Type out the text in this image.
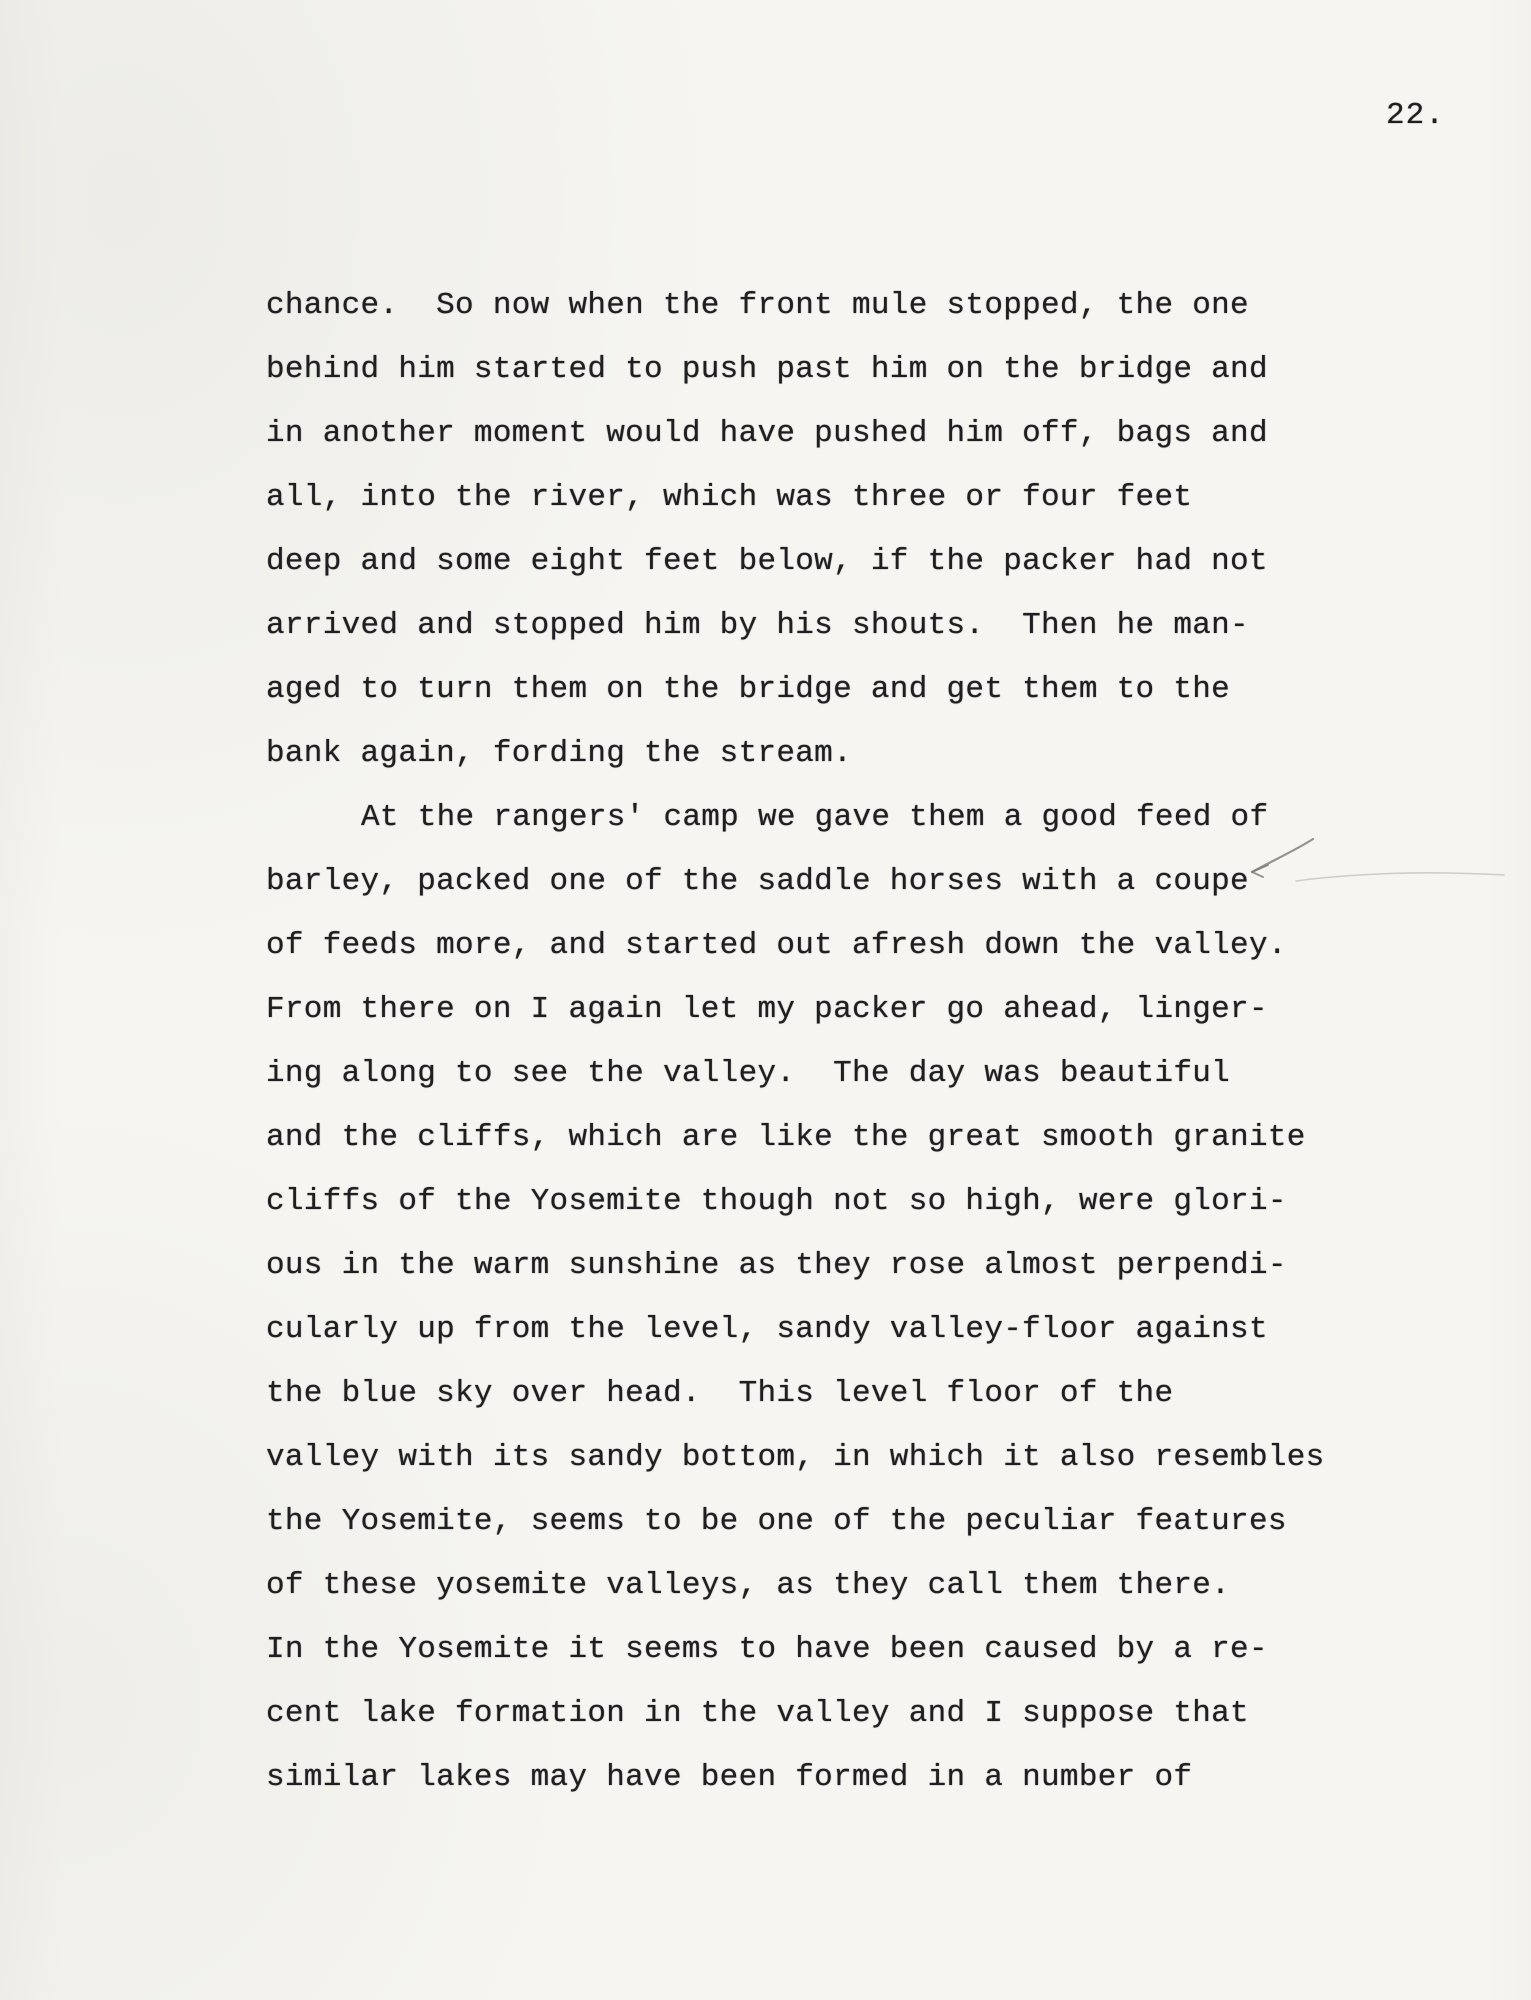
22.
chance.  So now when the front mule stopped, the one
behind him started to push past him on the bridge and
in another moment would have pushed him off, bags and
all, into the river, which was three or four feet
deep and some eight feet below, if the packer had not
arrived and stopped him by his shouts.  Then he man-
aged to turn them on the bridge and get them to the
bank again, fording the stream.
At the rangers' camp we gave them a good feed of
barley, packed one of the saddle horses with a coupe
of feeds more, and started out afresh down the valley.
From there on I again let my packer go ahead, linger-
ing along to see the valley.  The day was beautiful
and the cliffs, which are like the great smooth granite
cliffs of the Yosemite though not so high, were glori-
ous in the warm sunshine as they rose almost perpendi-
cularly up from the level, sandy valley-floor against
the blue sky over head.  This level floor of the
valley with its sandy bottom, in which it also resembles
the Yosemite, seems to be one of the peculiar features
of these yosemite valleys, as they call them there.
In the Yosemite it seems to have been caused by a re-
cent lake formation in the valley and I suppose that
similar lakes may have been formed in a number of
